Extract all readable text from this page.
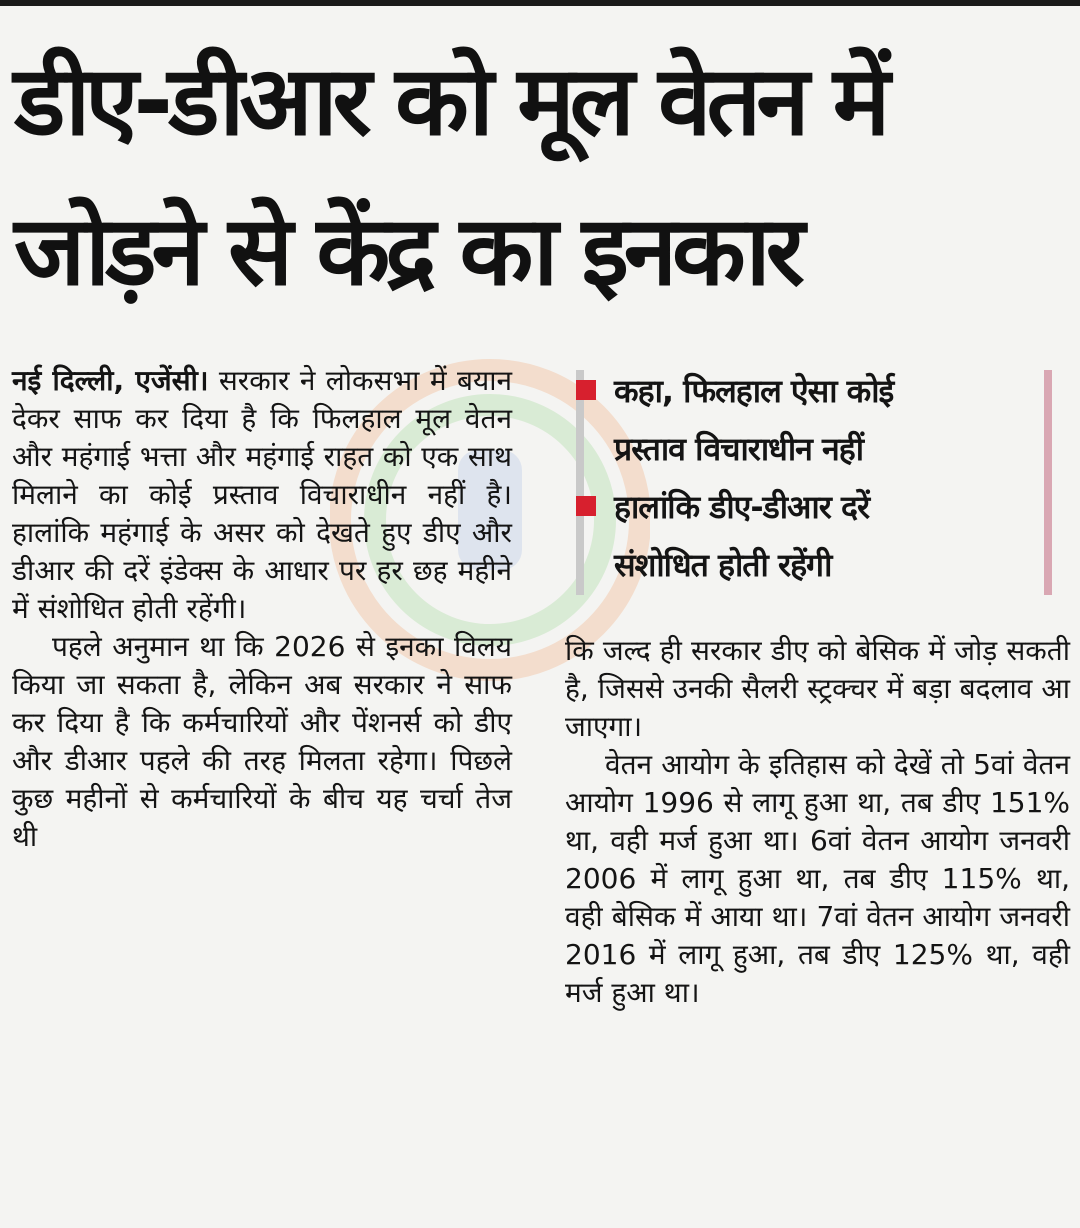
डीए-डीआर को मूल वेतन में
जोड़ने से केंद्र का इनकार

नई दिल्ली, एजेंसी। सरकार ने लोकसभा में बयान देकर साफ कर दिया है कि फिलहाल मूल वेतन और महंगाई भत्ता और महंगाई राहत को एक साथ मिलाने का कोई प्रस्ताव विचाराधीन नहीं है। हालांकि महंगाई के असर को देखते हुए डीए और डीआर की दरें इंडेक्स के आधार पर हर छह महीने में संशोधित होती रहेंगी।

पहले अनुमान था कि 2026 से इनका विलय किया जा सकता है, लेकिन अब सरकार ने साफ कर दिया है कि कर्मचारियों और पेंशनर्स को डीए और डीआर पहले की तरह मिलता रहेगा। पिछले कुछ महीनों से कर्मचारियों के बीच यह चर्चा तेज थी

कहा, फिलहाल ऐसा कोई
प्रस्ताव विचाराधीन नहीं
हालांकि डीए-डीआर दरें
संशोधित होती रहेंगी

कि जल्द ही सरकार डीए को बेसिक में जोड़ सकती है, जिससे उनकी सैलरी स्ट्रक्चर में बड़ा बदलाव आ जाएगा।

वेतन आयोग के इतिहास को देखें तो 5वां वेतन आयोग 1996 से लागू हुआ था, तब डीए 151% था, वही मर्ज हुआ था। 6वां वेतन आयोग जनवरी 2006 में लागू हुआ था, तब डीए 115% था, वही बेसिक में आया था। 7वां वेतन आयोग जनवरी 2016 में लागू हुआ, तब डीए 125% था, वही मर्ज हुआ था।
